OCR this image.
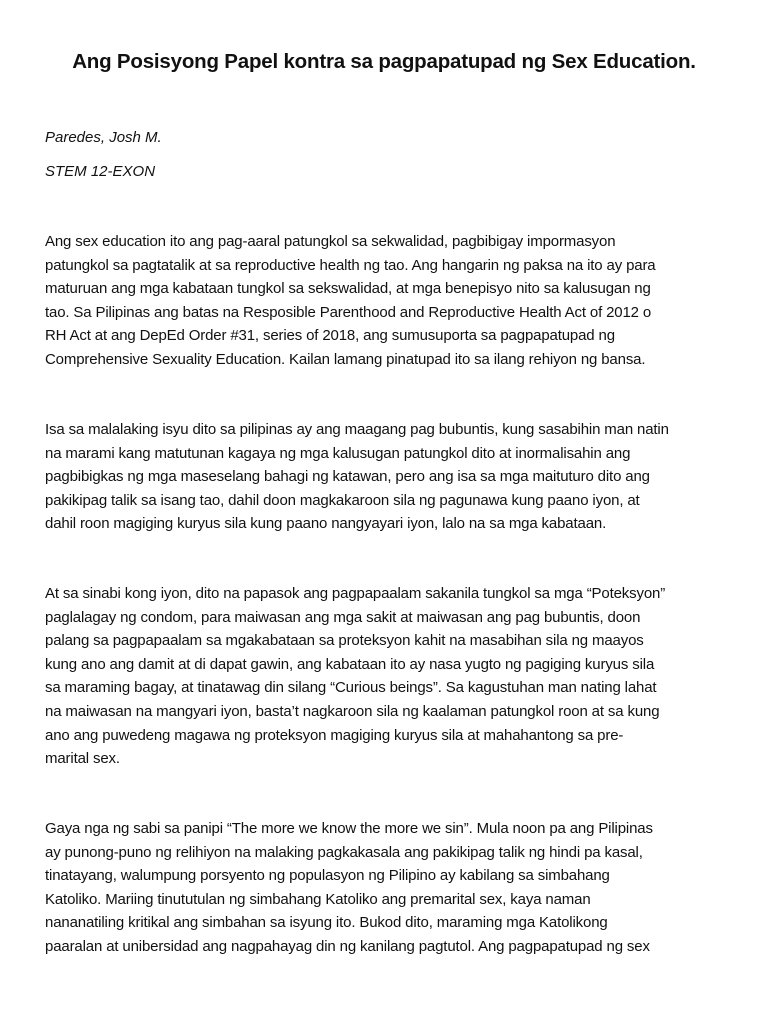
Ang Posisyong Papel kontra sa pagpapatupad ng Sex Education.
Paredes, Josh M.
STEM 12-EXON
Ang sex education ito ang pag-aaral patungkol sa sekwalidad, pagbibigay impormasyon
patungkol sa pagtatalik at sa reproductive health ng tao. Ang hangarin ng paksa na ito ay para
maturuan ang mga kabataan tungkol sa sekswalidad, at mga benepisyo nito sa kalusugan ng
tao. Sa Pilipinas ang batas na Resposible Parenthood and Reproductive Health Act of 2012 o
RH Act at ang DepEd Order #31, series of 2018, ang sumusuporta sa pagpapatupad ng
Comprehensive Sexuality Education. Kailan lamang pinatupad ito sa ilang rehiyon ng bansa.
Isa sa malalaking isyu dito sa pilipinas ay ang maagang pag bubuntis, kung sasabihin man natin
na marami kang matutunan kagaya ng mga kalusugan patungkol dito at inormalisahin ang
pagbibigkas ng mga maseselang bahagi ng katawan, pero ang isa sa mga maituturo dito ang
pakikipag talik sa isang tao, dahil doon magkakaroon sila ng pagunawa kung paano iyon, at
dahil roon magiging kuryus sila kung paano nangyayari iyon, lalo na sa mga kabataan.
At sa sinabi kong iyon, dito na papasok ang pagpapaalam sakanila tungkol sa mga “Poteksyon”
paglalagay ng condom, para maiwasan ang mga sakit at maiwasan ang pag bubuntis, doon
palang sa pagpapaalam sa mgakabataan sa proteksyon kahit na masabihan sila ng maayos
kung ano ang damit at di dapat gawin, ang kabataan ito ay nasa yugto ng pagiging kuryus sila
sa maraming bagay, at tinatawag din silang “Curious beings”. Sa kagustuhan man nating lahat
na maiwasan na mangyari iyon, basta’t nagkaroon sila ng kaalaman patungkol roon at sa kung
ano ang puwedeng magawa ng proteksyon magiging kuryus sila at mahahantong sa pre-
marital sex.
Gaya nga ng sabi sa panipi “The more we know the more we sin”. Mula noon pa ang Pilipinas
ay punong-puno ng relihiyon na malaking pagkakasala ang pakikipag talik ng hindi pa kasal,
tinatayang, walumpung porsyento ng populasyon ng Pilipino ay kabilang sa simbahang
Katoliko. Mariing tinututulan ng simbahang Katoliko ang premarital sex, kaya naman
nananatiling kritikal ang simbahan sa isyung ito. Bukod dito, maraming mga Katolikong
paaralan at unibersidad ang nagpahayag din ng kanilang pagtutol. Ang pagpapatupad ng sex
